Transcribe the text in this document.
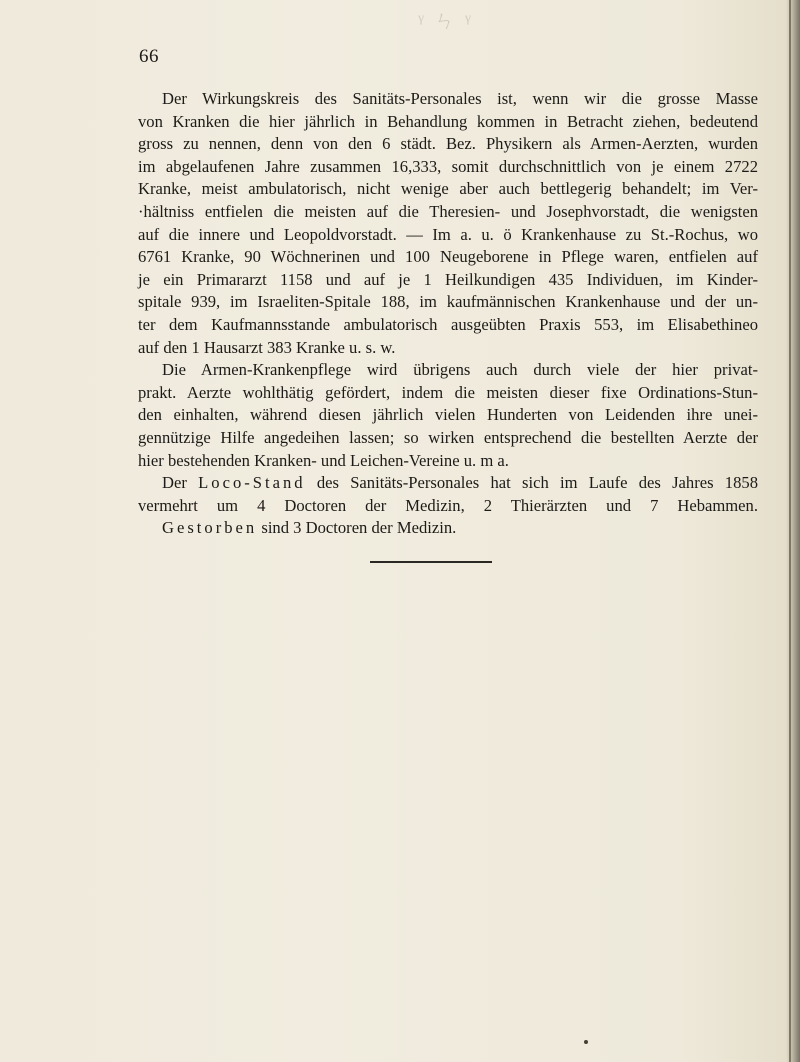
ᵞ ㄣ ᵞ
66
Der Wirkungskreis des Sanitäts-Personales ist, wenn wir die grosse Masse
von Kranken die hier jährlich in Behandlung kommen in Betracht ziehen, bedeutend
gross zu nennen, denn von den 6 städt. Bez. Physikern als Armen-Aerzten, wurden
im abgelaufenen Jahre zusammen 16,333, somit durchschnittlich von je einem 2722
Kranke, meist ambulatorisch, nicht wenige aber auch bettlegerig behandelt; im Ver-
·hältniss entfielen die meisten auf die Theresien- und Josephvorstadt, die wenigsten
auf die innere und Leopoldvorstadt. — Im a. u. ö Krankenhause zu St.-Rochus, wo
6761 Kranke, 90 Wöchnerinen und 100 Neugeborene in Pflege waren, entfielen auf
je ein Primararzt 1158 und auf je 1 Heilkundigen 435 Individuen, im Kinder-
spitale 939, im Israeliten-Spitale 188, im kaufmännischen Krankenhause und der un-
ter dem Kaufmannsstande ambulatorisch ausgeübten Praxis 553, im Elisabethineo
auf den 1 Hausarzt 383 Kranke u. s. w.
Die Armen-Krankenpflege wird übrigens auch durch viele der hier privat-
prakt. Aerzte wohlthätig gefördert, indem die meisten dieser fixe Ordinations-Stun-
den einhalten, während diesen jährlich vielen Hunderten von Leidenden ihre unei-
gennützige Hilfe angedeihen lassen; so wirken entsprechend die bestellten Aerzte der
hier bestehenden Kranken- und Leichen-Vereine u. m a.
Der Loco-Stand des Sanitäts-Personales hat sich im Laufe des Jahres 1858
vermehrt um 4 Doctoren der Medizin, 2 Thierärzten und 7 Hebammen.
Gestorben sind 3 Doctoren der Medizin.
